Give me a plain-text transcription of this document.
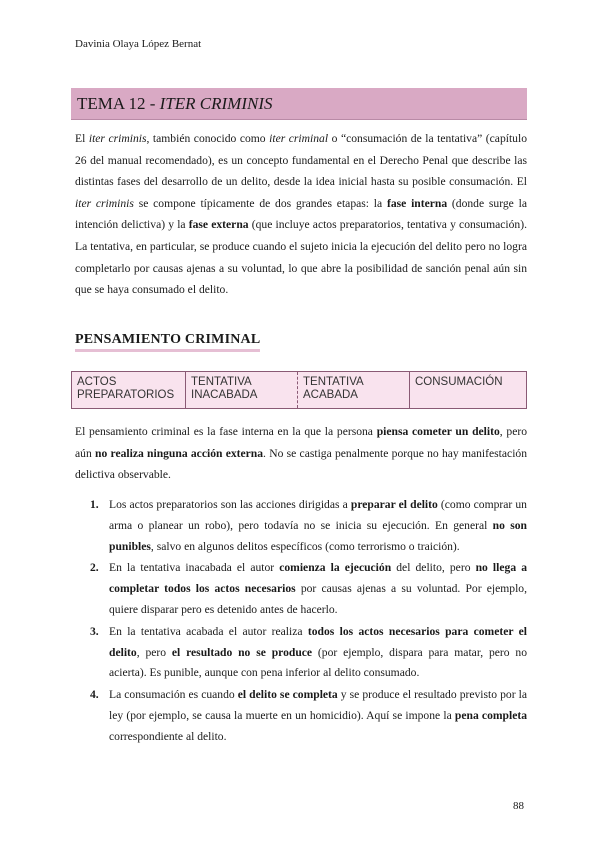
Davinia Olaya López Bernat
TEMA 12 - ITER CRIMINIS

El iter criminis, también conocido como iter criminal o “consumación de la tentativa” (capítulo 26 del manual recomendado), es un concepto fundamental en el Derecho Penal que describe las distintas fases del desarrollo de un delito, desde la idea inicial hasta su posible consumación. El iter criminis se compone típicamente de dos grandes etapas: la fase interna (donde surge la intención delictiva) y la fase externa (que incluye actos preparatorios, tentativa y consumación). La tentativa, en particular, se produce cuando el sujeto inicia la ejecución del delito pero no logra completarlo por causas ajenas a su voluntad, lo que abre la posibilidad de sanción penal aún sin que se haya consumado el delito.

PENSAMIENTO CRIMINAL
ACTOS
PREPARATORIOS
TENTATIVA
INACABADA
TENTATIVA
ACABADA
CONSUMACIÓN

El pensamiento criminal es la fase interna en la que la persona piensa cometer un delito, pero aún no realiza ninguna acción externa. No se castiga penalmente porque no hay manifestación delictiva observable.

1. Los actos preparatorios son las acciones dirigidas a preparar el delito (como comprar un arma o planear un robo), pero todavía no se inicia su ejecución. En general no son punibles, salvo en algunos delitos específicos (como terrorismo o traición).
2. En la tentativa inacabada el autor comienza la ejecución del delito, pero no llega a completar todos los actos necesarios por causas ajenas a su voluntad. Por ejemplo, quiere disparar pero es detenido antes de hacerlo.
3. En la tentativa acabada el autor realiza todos los actos necesarios para cometer el delito, pero el resultado no se produce (por ejemplo, dispara para matar, pero no acierta). Es punible, aunque con pena inferior al delito consumado.
4. La consumación es cuando el delito se completa y se produce el resultado previsto por la ley (por ejemplo, se causa la muerte en un homicidio). Aquí se impone la pena completa correspondiente al delito.
88
